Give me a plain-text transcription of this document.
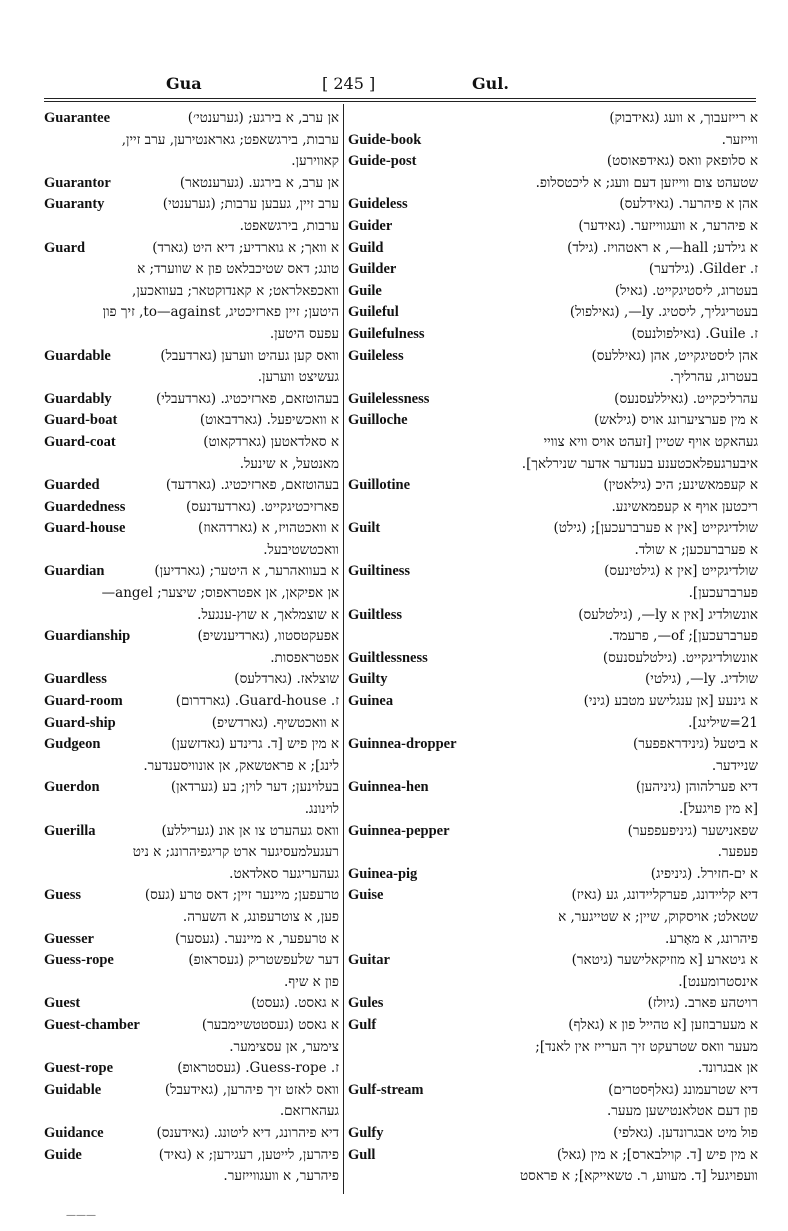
Gua	[ 245 ]	Gul.
Guarantee	אן ערב, א בירגע; (גערענטי׳)
ערבות, בירגשאפט; גאראנטירען, ערב זיין,
קאווירען.
Guarantor	אן ערב, א בירגע. (גערענטאר)
Guaranty	ערב זיין, געבען ערבות; (גערענטי)
ערבות, בירגשאפט.
Guard	א וואך; א גוארדיע; דיא היט (גארד)
טונג; דאס שטיכבלאט פון א שווערד; א
וואכפאלראט; א קאנדוקטאר; בעוואכען,
היטען; זיין פארזיכטיג, to—against, זיך פון
עפעס היטען.
Guardable	וואס קען געהיט ווערען (גארדעבל)
געשיצט ווערען.
Guardably	בעהוטזאם, פארזיכטיג. (גארדעבלי)
Guard-boat	א וואכשיפעל. (גארדבאוט)
Guard-coat	א סאלדאטען (גארדקאוט)
מאנטעל, א שינעל.
Guarded	בעהוטזאם, פארזיכטיג. (גארדעד)
Guardedness	פארזיכטיגקייט. (גארדעדנעס)
Guard-house	א וואכטהויז, א (גארדהאוז)
וואכטשטיבעל.
Guardian	א בעוואהרער, א היטער; (גארדיען)
אן אפיקאן, אן אפטראפוס; שיצער; angel—
א שוצמלאך, א שוץ-ענגעל.
Guardianship	אפעקטסטוו, (גארדיענשיפ)
אפטראפסות.
Guardless	שוצלאז. (גארדלעס)
Guard-room	ז. Guard-house. (גארדרום)
Guard-ship	א וואכטשיף. (גארדשיפ)
Gudgeon	א מין פיש [ד. גרינדע (גאדזשען)
לינג]; א פראטשאק, אן אונוויסענדער.
Guerdon	בעלוינען; דער לוין; בע (גערדאן)
לוינונג.
Guerilla	וואס געהערט צו אן אונ (געריללע)
רעגעלמעסיגער ארט קריגפיהרונג; א ניט
געהעריגער סאלדאט.
Guess	טרעפען; מיינער זיין; דאס טרע (געס)
פען, א צוטרעפונג, א השערה.
Guesser	א טרעפער, א מיינער. (געסער)
Guess-rope	דער שלעפשטריק (געסראופ)
פון א שיף.
Guest	א גאסט. (געסט)
Guest-chamber	א גאסט (געסטטשיימבער)
צימער, אן עסצימער.
Guest-rope	ז. Guess-rope. (געסטראופ)
Guidable	וואס לאזט זיך פיהרען, (גאידעבל)
געהארזאם.
Guidance	דיא פיהרונג, דיא ליטונג. (גאידענס)
Guide	פיהרען, לייטען, רעגירען; א (גאיד)
פיהרער, א וועגווייזער.
א רייזעבוך, א וועג (גאידבוק)
Guide-book	ווייזער.
Guide-post	א סלופאק וואס (גאידפאוסט)
שטעהט צום ווייזען דעם וועג; א ליכטסלופ.
Guideless	אהן א פיהרער. (גאידלעס)
Guider	א פיהרער, א וועגווייזער. (גאידער)
Guild	א גילדע; hall—, א ראטהויז. (גילד)
Guilder	ז. Gilder. (גילדער)
Guile	בעטרוג, ליסטיגקייט. (גאיל)
Guileful	בעטריגליך, ליסטיג. ly—, (גאילפול)
Guilefulness	ז. Guile. (גאילפולנעס)
Guileless	אהן ליסטיגקייט, אהן (גאיללעס)
בעטרוג, עהרליך.
Guilelessness	עהרליכקייט. (גאיללעסנעס)
Guilloche	א מין פערציערונג אויס (גילאש)
געהאקט אויף שטיין [זעהט אויס וויא צוויי
איבערגעפלאכטענע בענדער אדער שנירלאך].
Guillotine	א קעפמאשינע; היכ (גילאטין)
ריכטען אויף א קעפמאשינע.
Guilt	שולדיגקייט [אין א פערברעכען]; (גילט)
א פערברעכען; א שולד.
Guiltiness	שולדיגקייט [אין א (גילטינעס)
פערברעכען].
Guiltless	אונשולדיג [אין א ly—, (גילטלעס)
פערברעכען]; of—, פרעמד.
Guiltlessness	אונשולדיגקייט. (גילטלעסנעס)
Guilty	שולדיג. ly—, (גילטי)
Guinea	א גינעע [אן ענגלישע מטבע (גיני)
21=שילינג].
Guinnea-dropper	א ביטעל (גינידראפפער)
שניידער.
Guinnea-hen	דיא פערלהוהן (גיניהען)
[א מין פויגעל].
Guinnea-pepper	שפאנישער (גיניפעפפער)
פעפער.
Guinea-pig	א ים-חזירל. (גיניפיג)
Guise	דיא קליידונג, פערקליידונג, גע (גאיז)
שטאלט; אויסקוק, שיין; א שטייגער, א
פיהרונג, א מאָרע.
Guitar	א גיטארע [א מוזיקאלישער (גיטאר)
אינסטרומענט].
Gules	רויטהע פארב. (גיולז)
Gulf	א מעערבוזען [א טהייל פון א (גאלף)
מעער וואס שטרעקט זיך הערייז אין לאנד];
אן אבגרונד.
Gulf-stream	דיא שטרעמונג (גאלףסטרים)
פון דעם אטלאנטישען מעער.
Gulfy	פול מיט אבגרונדען. (גאלפי)
Gull	א מין פיש [ד. קוילבארס]; א מין (גאל)
וועפויגעל [ד. מעווע, ר. טשאייקא]; א פראסט
———
